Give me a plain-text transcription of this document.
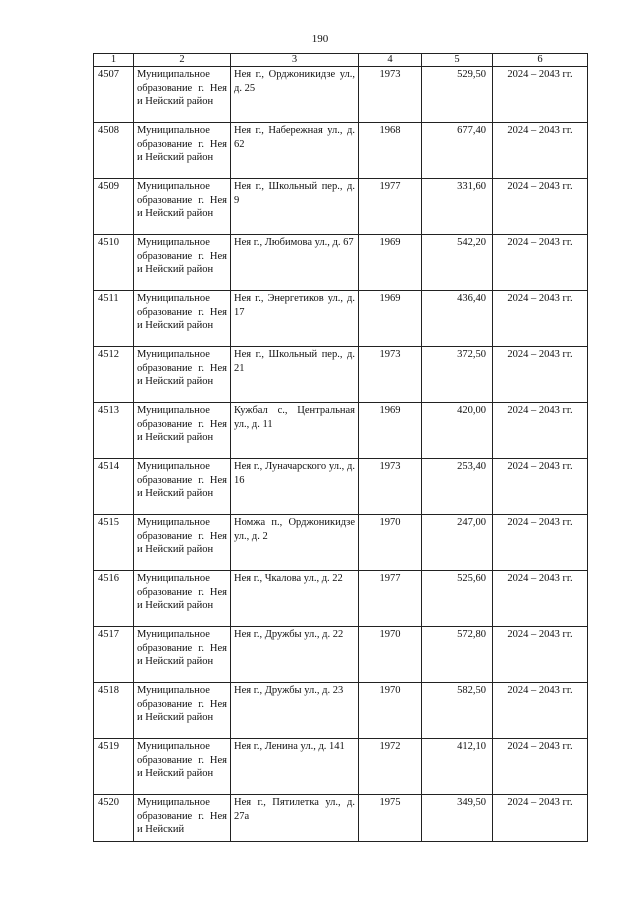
190
1	2	3	4	5	6
4507	Муниципальное образование г. Нея и Нейский район	Нея г., Орджоникидзе ул., д. 25	1973	529,50	2024 – 2043 гг.
4508	Муниципальное образование г. Нея и Нейский район	Нея г., Набережная ул., д. 62	1968	677,40	2024 – 2043 гг.
4509	Муниципальное образование г. Нея и Нейский район	Нея г., Школьный пер., д. 9	1977	331,60	2024 – 2043 гг.
4510	Муниципальное образование г. Нея и Нейский район	Нея г., Любимова ул., д. 67	1969	542,20	2024 – 2043 гг.
4511	Муниципальное образование г. Нея и Нейский район	Нея г., Энергетиков ул., д. 17	1969	436,40	2024 – 2043 гг.
4512	Муниципальное образование г. Нея и Нейский район	Нея г., Школьный пер., д. 21	1973	372,50	2024 – 2043 гг.
4513	Муниципальное образование г. Нея и Нейский район	Кужбал с., Центральная ул., д. 11	1969	420,00	2024 – 2043 гг.
4514	Муниципальное образование г. Нея и Нейский район	Нея г., Луначарского ул., д. 16	1973	253,40	2024 – 2043 гг.
4515	Муниципальное образование г. Нея и Нейский район	Номжа п., Орджоникидзе ул., д. 2	1970	247,00	2024 – 2043 гг.
4516	Муниципальное образование г. Нея и Нейский район	Нея г., Чкалова ул., д. 22	1977	525,60	2024 – 2043 гг.
4517	Муниципальное образование г. Нея и Нейский район	Нея г., Дружбы ул., д. 22	1970	572,80	2024 – 2043 гг.
4518	Муниципальное образование г. Нея и Нейский район	Нея г., Дружбы ул., д. 23	1970	582,50	2024 – 2043 гг.
4519	Муниципальное образование г. Нея и Нейский район	Нея г., Ленина ул., д. 141	1972	412,10	2024 – 2043 гг.
4520	Муниципальное образование г. Нея и Нейский	Нея г., Пятилетка ул., д. 27а	1975	349,50	2024 – 2043 гг.
